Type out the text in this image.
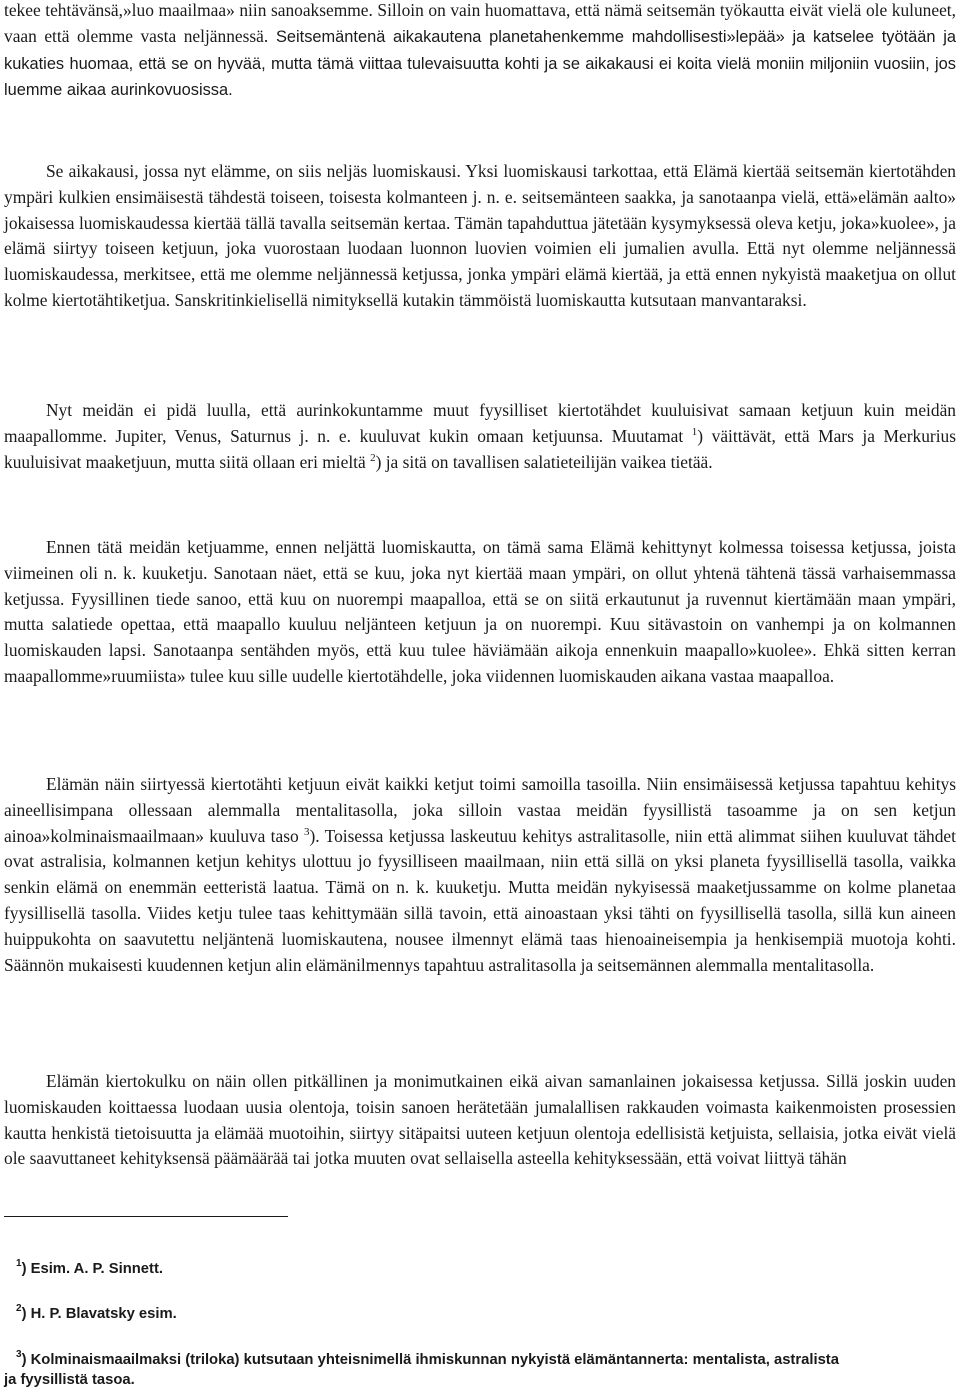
tekee tehtävänsä,»luo maailmaa» niin sanoaksemme. Silloin on vain huomattava, että nämä seitsemän työkautta eivät vielä ole kuluneet, vaan että olemme vasta neljännessä. Seitsemäntenä aikakautena planetahenkemme mahdollisesti»lepää» ja katselee työtään ja kukaties huomaa, että se on hyvää, mutta tämä viittaa tulevaisuutta kohti ja se aikakausi ei koita vielä moniin miljoniin vuosiin, jos luemme aikaa aurinkovuosissa.

Se aikakausi, jossa nyt elämme, on siis neljäs luomiskausi. Yksi luomiskausi tarkottaa, että Elämä kiertää seitsemän kiertotähden ympäri kulkien ensimäisestä tähdestä toiseen, toisesta kolmanteen j. n. e. seitsemänteen saakka, ja sanotaanpa vielä, että»elämän aalto» jokaisessa luomiskaudessa kiertää tällä tavalla seitsemän kertaa. Tämän tapahduttua jätetään kysymyksessä oleva ketju, joka»kuolee», ja elämä siirtyy toiseen ketjuun, joka vuorostaan luodaan luonnon luovien voimien eli jumalien avulla. Että nyt olemme neljännessä luomiskaudessa, merkitsee, että me olemme neljännessä ketjussa, jonka ympäri elämä kiertää, ja että ennen nykyistä maaketjua on ollut kolme kiertotähtiketjua. Sanskritinkielisellä nimityksellä kutakin tämmöistä luomiskautta kutsutaan manvantaraksi.

Nyt meidän ei pidä luulla, että aurinkokuntamme muut fyysilliset kiertotähdet kuuluisivat samaan ketjuun kuin meidän maapallomme. Jupiter, Venus, Saturnus j. n. e. kuuluvat kukin omaan ketjuunsa. Muutamat $^1$) väittävät, että Mars ja Merkurius kuuluisivat maaketjuun, mutta siitä ollaan eri mieltä $^2$) ja sitä on tavallisen salatieteilijän vaikea tietää.

Ennen tätä meidän ketjuamme, ennen neljättä luomiskautta, on tämä sama Elämä kehittynyt kolmessa toisessa ketjussa, joista viimeinen oli n. k. kuuketju. Sanotaan näet, että se kuu, joka nyt kiertää maan ympäri, on ollut yhtenä tähtenä tässä varhaisemmassa ketjussa. Fyysillinen tiede sanoo, että kuu on nuorempi maapalloa, että se on siitä erkautunut ja ruvennut kiertämään maan ympäri, mutta salatiede opettaa, että maapallo kuuluu neljänteen ketjuun ja on nuorempi. Kuu sitävastoin on vanhempi ja on kolmannen luomiskauden lapsi. Sanotaanpa sentähden myös, että kuu tulee häviämään aikoja ennenkuin maapallo»kuolee». Ehkä sitten kerran maapallomme»ruumiista» tulee kuu sille uudelle kiertotähdelle, joka viidennen luomiskauden aikana vastaa maapalloa.

Elämän näin siirtyessä kiertotähti ketjuun eivät kaikki ketjut toimi samoilla tasoilla. Niin ensimäisessä ketjussa tapahtuu kehitys aineellisimpana ollessaan alemmalla mentalitasolla, joka silloin vastaa meidän fyysillistä tasoamme ja on sen ketjun ainoa»kolminaismaailmaan» kuuluva taso $^3$). Toisessa ketjussa laskeutuu kehitys astralitasolle, niin että alimmat siihen kuuluvat tähdet ovat astralisia, kolmannen ketjun kehitys ulottuu jo fyysilliseen maailmaan, niin että sillä on yksi planeta fyysillisellä tasolla, vaikka senkin elämä on enemmän eetteristä laatua. Tämä on n. k. kuuketju. Mutta meidän nykyisessä maaketjussamme on kolme planetaa fyysillisellä tasolla. Viides ketju tulee taas kehittymään sillä tavoin, että ainoastaan yksi tähti on fyysillisellä tasolla, sillä kun aineen huippukohta on saavutettu neljäntenä luomiskautena, nousee ilmennyt elämä taas hienoaineisempia ja henkisempiä muotoja kohti. Säännön mukaisesti kuudennen ketjun alin elämänilmennys tapahtuu astralitasolla ja seitsemännen alemmalla mentalitasolla.

Elämän kiertokulku on näin ollen pitkällinen ja monimutkainen eikä aivan samanlainen jokaisessa ketjussa. Sillä joskin uuden luomiskauden koittaessa luodaan uusia olentoja, toisin sanoen herätetään jumalallisen rakkauden voimasta kaikenmoisten prosessien kautta henkistä tietoisuutta ja elämää muotoihin, siirtyy sitäpaitsi uuteen ketjuun olentoja edellisistä ketjuista, sellaisia, jotka eivät vielä ole saavuttaneet kehityksensä päämäärää tai jotka muuten ovat sellaisella asteella kehityksessään, että voivat liittyä tähän

$^1$) Esim. A. P. Sinnett.

$^2$) H. P. Blavatsky esim.

$^3$) Kolminaismaailmaksi (triloka) kutsutaan yhteisnimellä ihmiskunnan nykyistä elämäntannerta: mentalista, astralista
ja fyysillistä tasoa.
